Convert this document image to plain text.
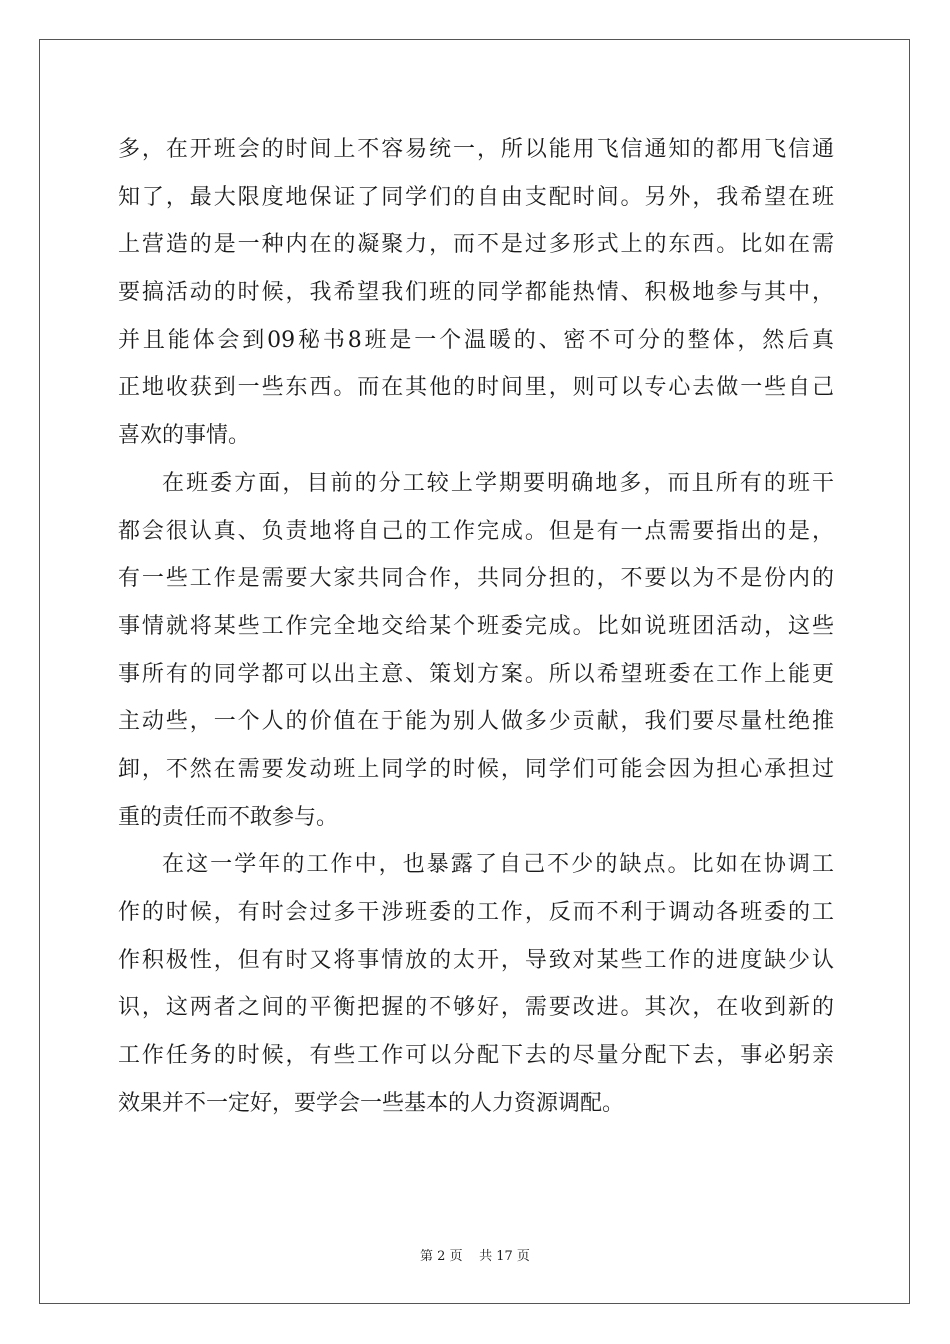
多，在开班会的时间上不容易统一，所以能用飞信通知的都用飞信通
知了，最大限度地保证了同学们的自由支配时间。另外，我希望在班
上营造的是一种内在的凝聚力，而不是过多形式上的东西。比如在需
要搞活动的时候，我希望我们班的同学都能热情、积极地参与其中，
并且能体会到09秘书8班是一个温暖的、密不可分的整体，然后真
正地收获到一些东西。而在其他的时间里，则可以专心去做一些自己
喜欢的事情。
在班委方面，目前的分工较上学期要明确地多，而且所有的班干
都会很认真、负责地将自己的工作完成。但是有一点需要指出的是，
有一些工作是需要大家共同合作，共同分担的，不要以为不是份内的
事情就将某些工作完全地交给某个班委完成。比如说班团活动，这些
事所有的同学都可以出主意、策划方案。所以希望班委在工作上能更
主动些，一个人的价值在于能为别人做多少贡献，我们要尽量杜绝推
卸，不然在需要发动班上同学的时候，同学们可能会因为担心承担过
重的责任而不敢参与。
在这一学年的工作中，也暴露了自己不少的缺点。比如在协调工
作的时候，有时会过多干涉班委的工作，反而不利于调动各班委的工
作积极性，但有时又将事情放的太开，导致对某些工作的进度缺少认
识，这两者之间的平衡把握的不够好，需要改进。其次，在收到新的
工作任务的时候，有些工作可以分配下去的尽量分配下去，事必躬亲
效果并不一定好，要学会一些基本的人力资源调配。
第 2 页 共 17 页
